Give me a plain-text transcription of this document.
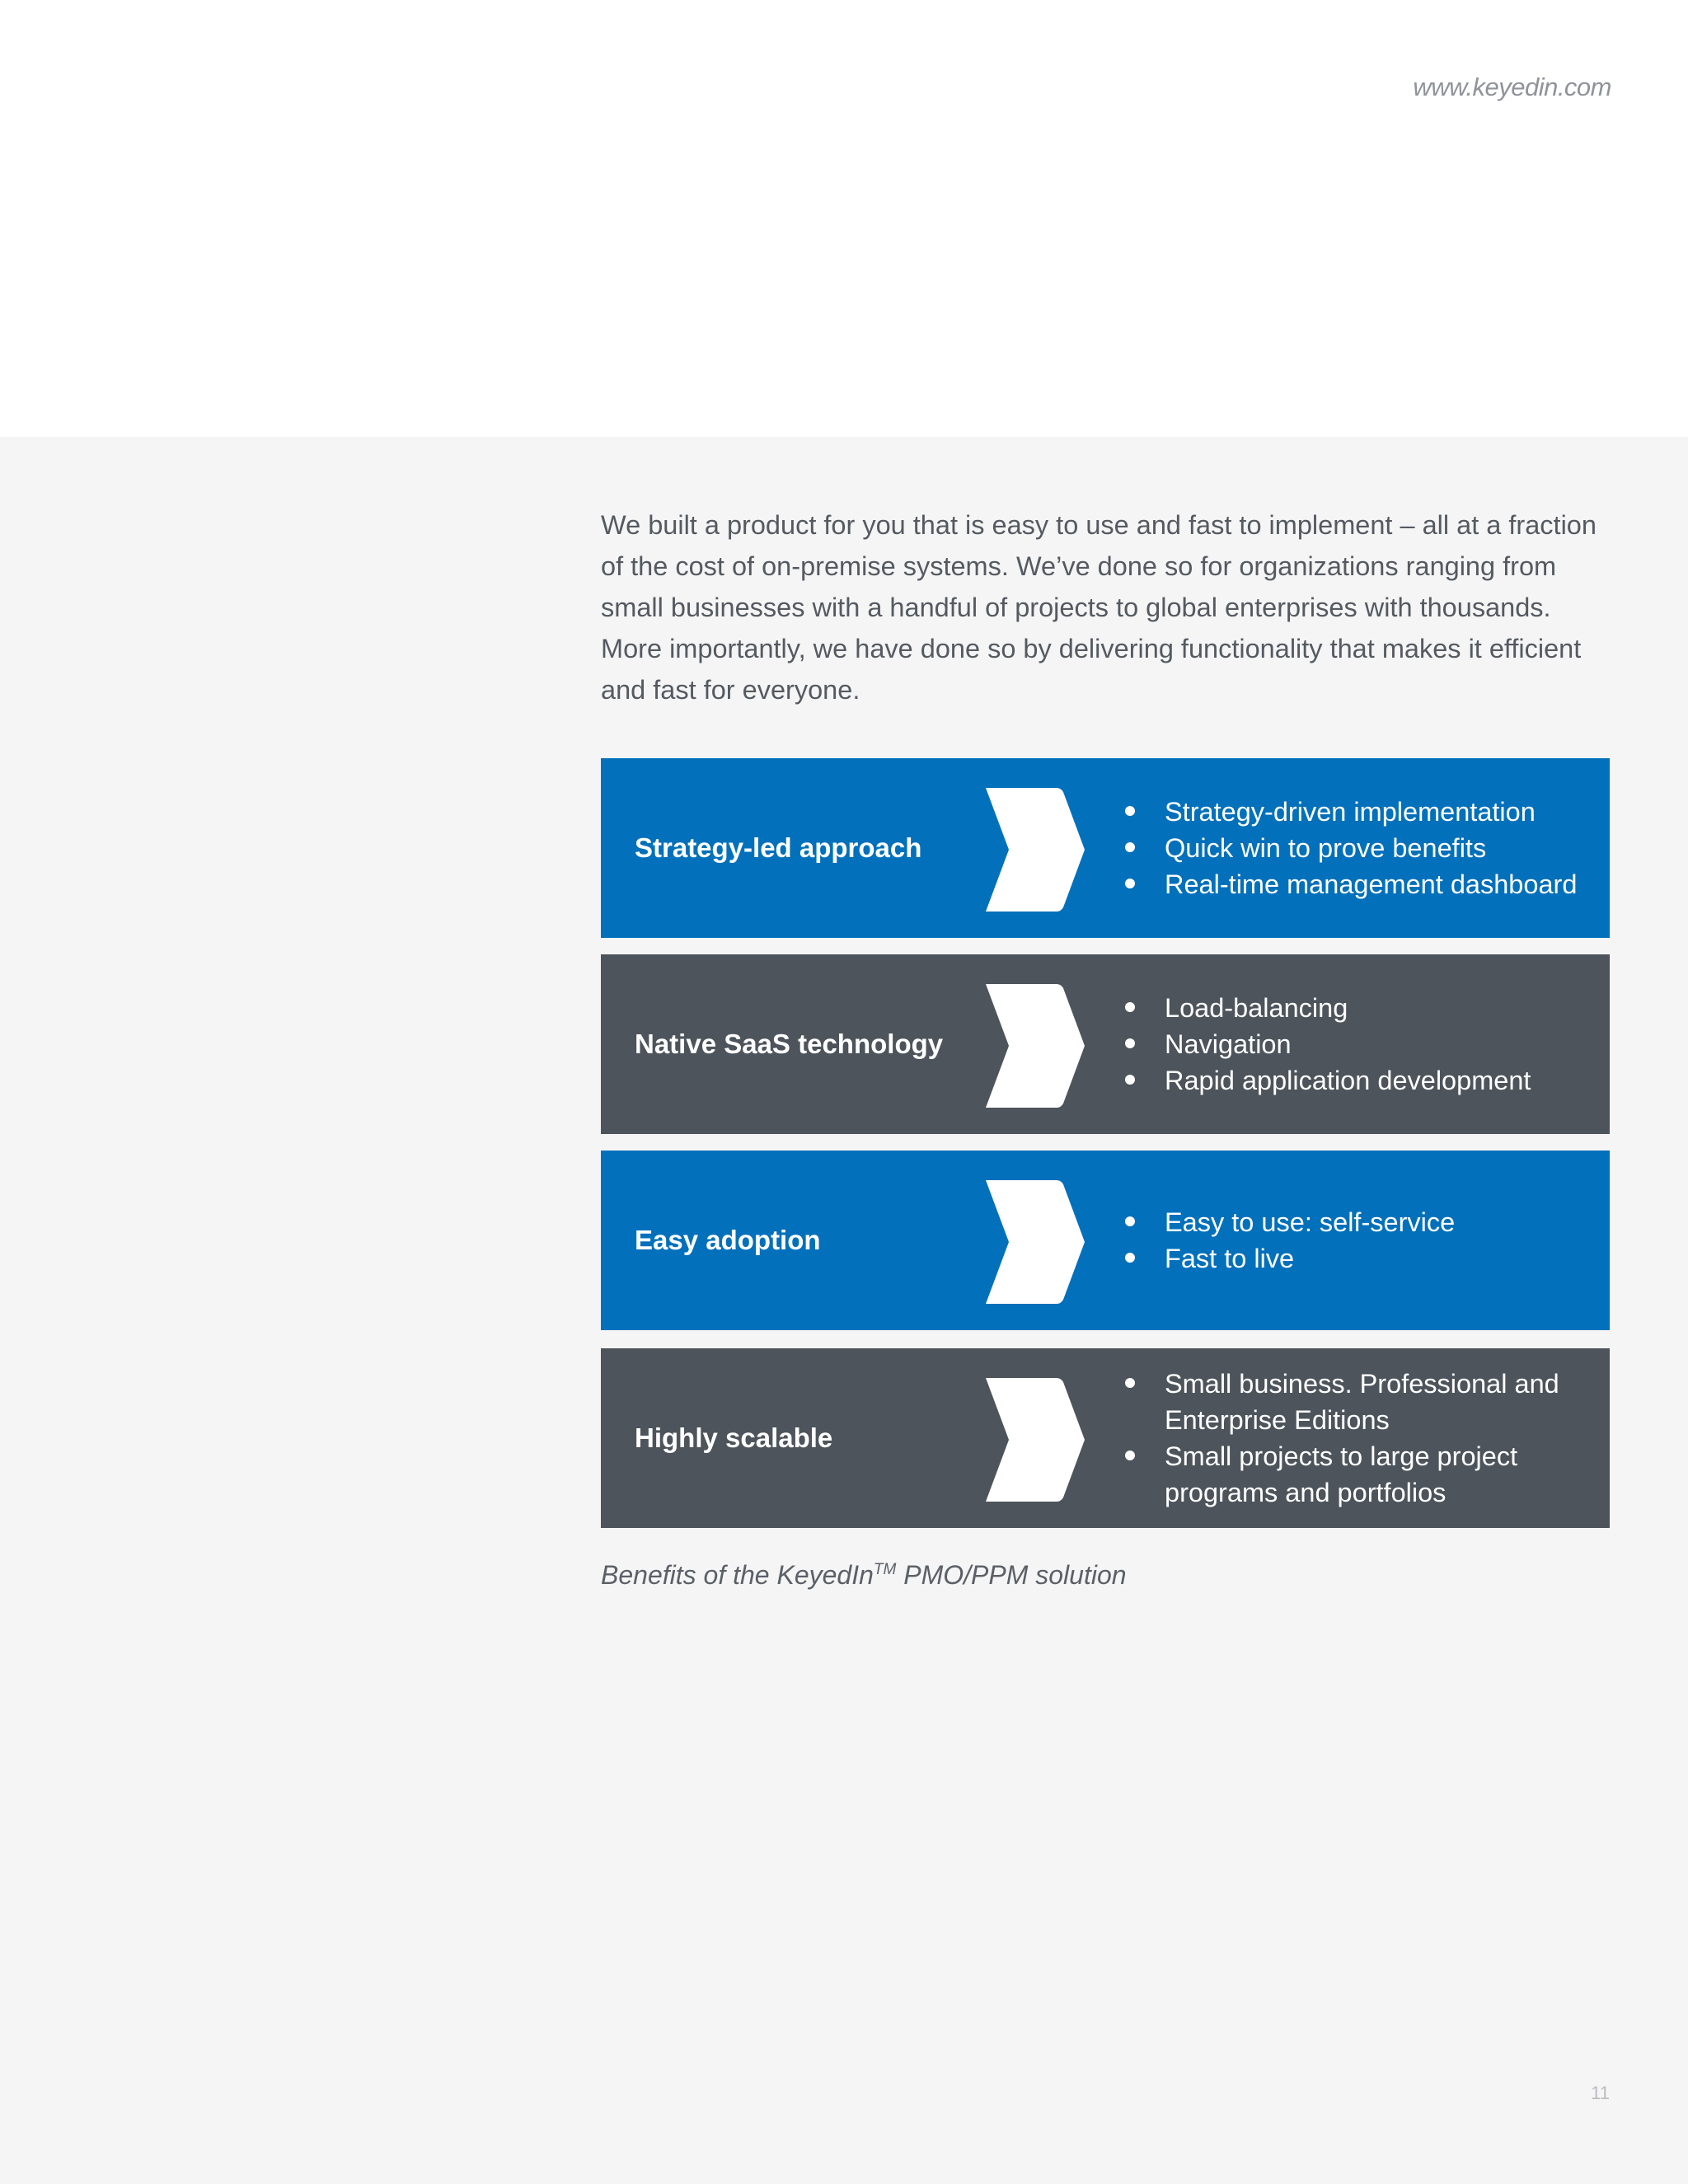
www.keyedin.com

We built a product for you that is easy to use and fast to implement – all at a fraction of the cost of on-premise systems. We’ve done so for organizations ranging from small businesses with a handful of projects to global enterprises with thousands. More importantly, we have done so by delivering functionality that makes it efficient and fast for everyone.

Strategy-led approach
Strategy-driven implementation
Quick win to prove benefits
Real-time management dashboard
Native SaaS technology
Load-balancing
Navigation
Rapid application development
Easy adoption
Easy to use: self-service
Fast to live
Highly scalable
Small business. Professional and Enterprise Editions
Small projects to large project programs and portfolios

Benefits of the KeyedIn™ PMO/PPM solution

11
